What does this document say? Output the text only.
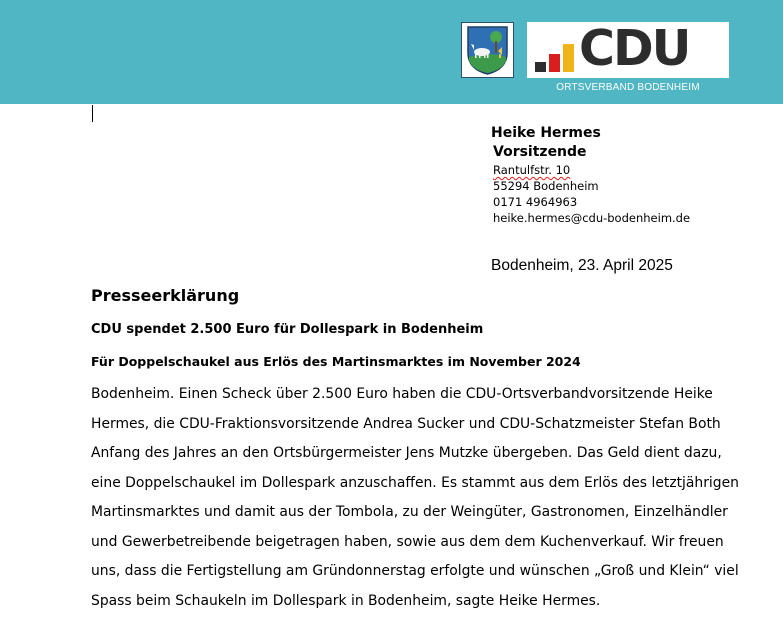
CDU
ORTSVERBAND BODENHEIM
Heike Hermes
Vorsitzende
Rantulfstr. 10
55294 Bodenheim
0171 4964963
heike.hermes@cdu-bodenheim.de
Bodenheim, 23. April 2025
Presseerklärung
CDU spendet 2.500 Euro für Dollespark in Bodenheim
Für Doppelschaukel aus Erlös des Martinsmarktes im November 2024
Bodenheim. Einen Scheck über 2.500 Euro haben die CDU-Ortsverbandvorsitzende Heike
Hermes, die CDU-Fraktionsvorsitzende Andrea Sucker und CDU-Schatzmeister Stefan Both
Anfang des Jahres an den Ortsbürgermeister Jens Mutzke übergeben. Das Geld dient dazu,
eine Doppelschaukel im Dollespark anzuschaffen. Es stammt aus dem Erlös des letztjährigen
Martinsmarktes und damit aus der Tombola, zu der Weingüter, Gastronomen, Einzelhändler
und Gewerbetreibende beigetragen haben, sowie aus dem dem Kuchenverkauf. Wir freuen
uns, dass die Fertigstellung am Gründonnerstag erfolgte und wünschen „Groß und Klein“ viel
Spass beim Schaukeln im Dollespark in Bodenheim, sagte Heike Hermes.
